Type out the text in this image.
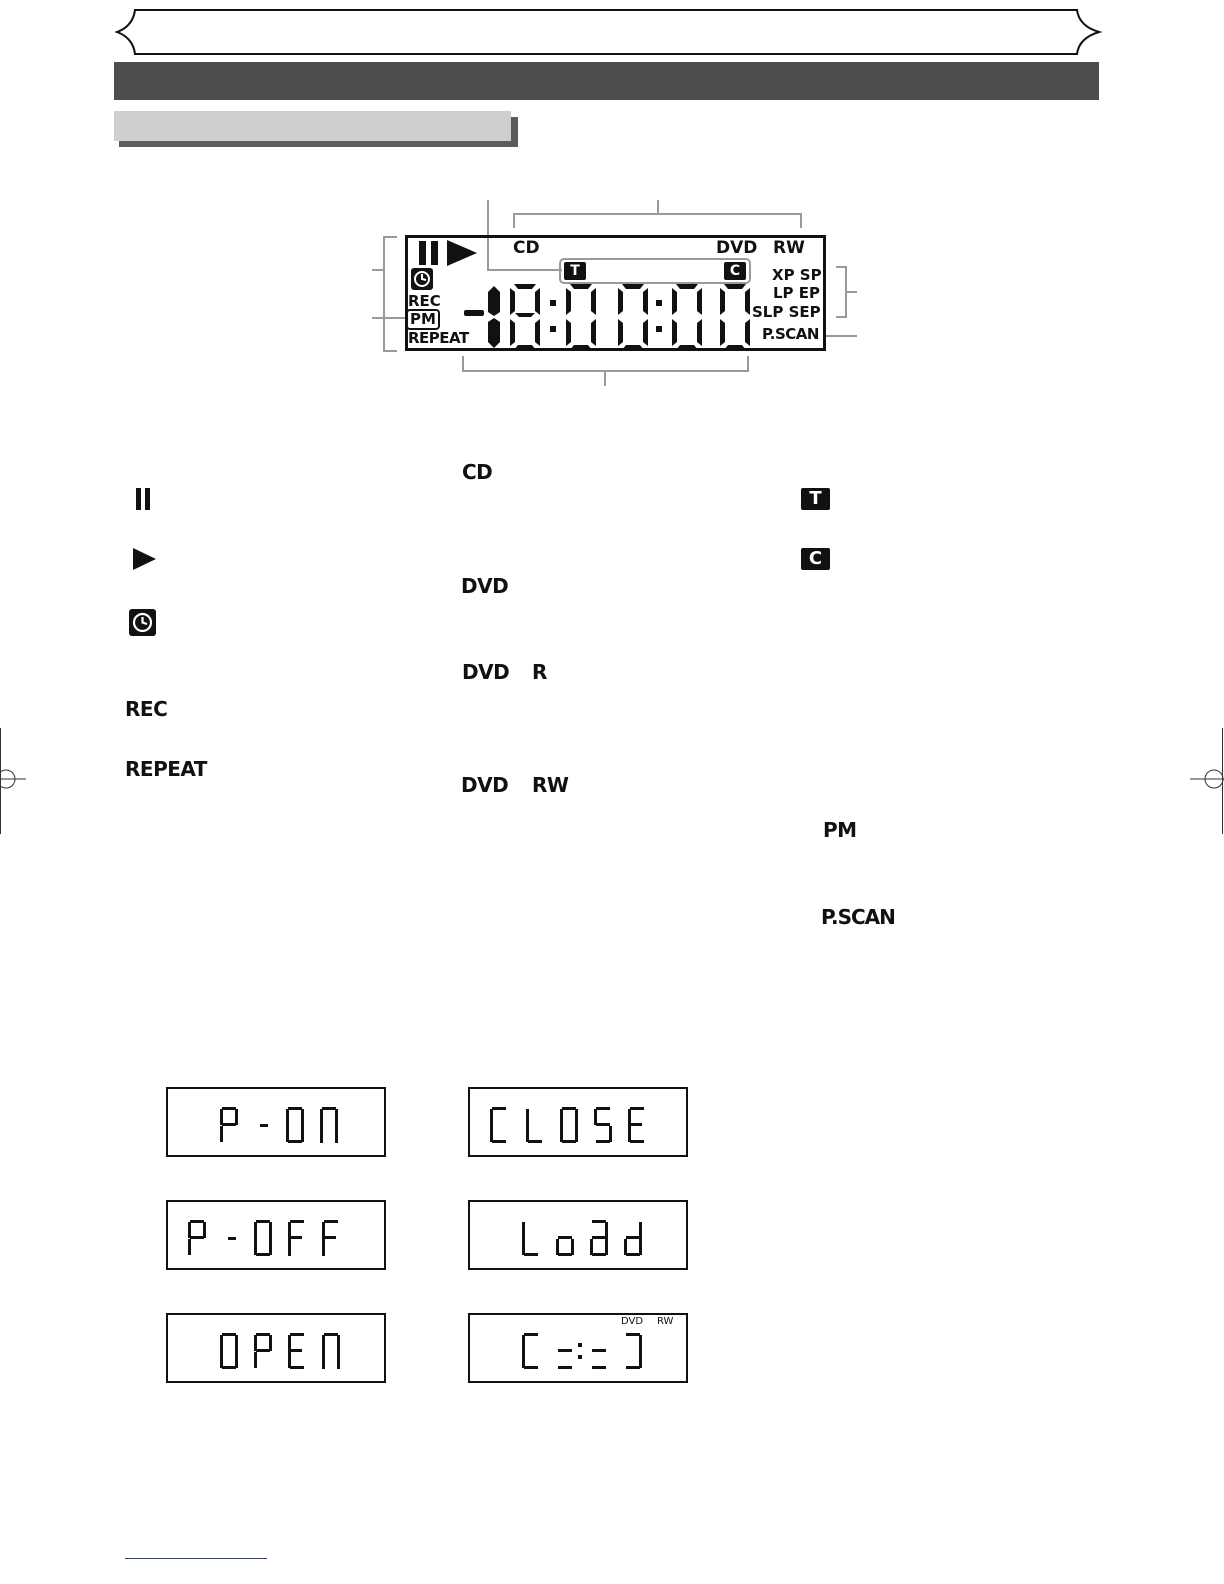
CD	DVD RW
T	C
REC
PM
REPEAT
XP SP
LP EP
SLP SEP
P.SCAN
REC
REPEAT
CD
DVD
DVD R
DVD RW
T
C
PM
P.SCAN
DVD RW
